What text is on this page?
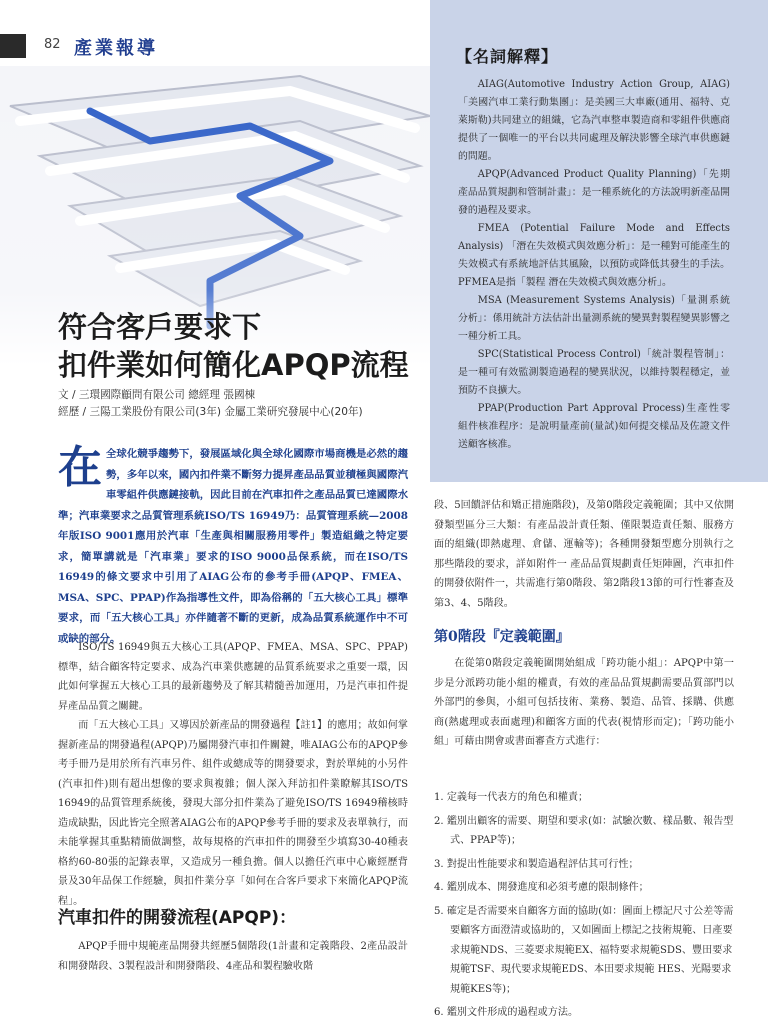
82 產業報導
符合客戶要求下
扣件業如何簡化APQP流程
文 / 三環國際顧問有限公司 總經理 張國棟
經歷 / 三陽工業股份有限公司(3年) 金屬工業研究發展中心(20年)
在 全球化競爭趨勢下，發展區域化與全球化國際市場商機是必然的趨勢，多年以來，國內扣件業不斷努力提昇產品品質並積極與國際汽車零組件供應鏈接軌，因此目前在汽車扣件之產品品質已達國際水準；汽車業要求之品質管理系統ISO/TS 16949乃：品質管理系統—2008年版ISO 9001應用於汽車「生產與相關服務用零件」製造組織之特定要求，簡單講就是「汽車業」要求的ISO 9000品保系統，而在ISO/TS 16949的條文要求中引用了AIAG公布的參考手冊(APQP、FMEA、MSA、SPC、PPAP)作為指導性文件，即為俗稱的「五大核心工具」標準要求，而「五大核心工具」亦伴隨著不斷的更新，成為品質系統運作中不可或缺的部分。
ISO/TS 16949與五大核心工具(APQP、FMEA、MSA、SPC、PPAP)標準，結合顧客特定要求、成為汽車業供應鏈的品質系統要求之重要一環，因此如何掌握五大核心工具的最新趨勢及了解其精髓善加運用，乃是汽車扣件提昇產品品質之關鍵。
而「五大核心工具」又導因於新產品的開發過程【註1】的應用；故如何掌握新產品的開發過程(APQP)乃屬開發汽車扣件關鍵，唯AIAG公布的APQP參考手冊乃是用於所有汽車另件、組件或總成等的開發要求，對於單純的小另件(汽車扣件)則有超出想像的要求與複雜；個人深入拜訪扣件業瞭解其ISO/TS 16949的品質管理系統後，發現大部分扣件業為了避免ISO/TS 16949稽核時造成缺點，因此皆完全照著AIAG公布的APQP參考手冊的要求及表單執行，而未能掌握其重點精簡做調整，故每規格的汽車扣件的開發至少填寫30-40種表格約60-80張的記錄表單，又造成另一種負擔。個人以擔任汽車中心廠經歷背景及30年品保工作經驗，與扣件業分享「如何在合客戶要求下來簡化APQP流程」。
汽車扣件的開發流程(APQP)：
APQP手冊中規範產品開發共經歷5個階段(1計畫和定義階段、2產品設計和開發階段、3製程設計和開發階段、4產品和製程驗收階
【名詞解釋】

AIAG(Automotive Industry Action Group, AIAG)「美國汽車工業行動集團」：是美國三大車廠(通用、福特、克萊斯勒)共同建立的組織，它為汽車整車製造商和零組件供應商提供了一個唯一的平台以共同處理及解決影響全球汽車供應鏈的問題。

APQP(Advanced Product Quality Planning)「先期產品品質規劃和管制計畫」：是一種系統化的方法說明新產品開發的過程及要求。

FMEA (Potential Failure Mode and Effects Analysis) 「潛在失效模式與效應分析」：是一種對可能產生的失效模式有系統地評估其風險，以預防或降低其發生的手法。PFMEA是指「製程 潛在失效模式與效應分析」。

MSA (Measurement Systems Analysis)「量測系統分析」：係用統計方法估計出量測系統的變異對製程變異影響之一種分析工具。

SPC(Statistical Process Control)「統計製程管制」：是一種可有效監測製造過程的變異狀況，以維持製程穩定，並預防不良擴大。

PPAP(Production Part Approval Process)生產性零組件核准程序：是說明量產前(量試)如何提交樣品及佐證文件送顧客核准。

段、5回饋評估和矯正措施階段)，及第0階段定義範圍；其中又依開發類型區分三大類：有產品設計責任類、僅限製造責任類、服務方面的組織(即熱處理、倉儲、運輸等)；各種開發類型應分別執行之那些階段的要求，詳如附件一 產品品質規劃責任矩陣圖，汽車扣件的開發依附件一，共需進行第0階段、第2階段13節的可行性審查及第3、4、5階段。
第0階段『定義範圍』
在從第0階段定義範圍開始組成「跨功能小組」：APQP中第一步是分派跨功能小組的權責，有效的產品品質規劃需要品質部門以外部門的參與，小組可包括技術、業務、製造、品管、採購、供應商(熱處理或表面處理)和顧客方面的代表(視情形而定)；「跨功能小組」可藉由開會或書面審查方式進行：
1. 定義每一代表方的角色和權責；
2. 鑑別出顧客的需要、期望和要求(如：試驗次數、樣品數、報告型式、PPAP等)；
3. 對提出性能要求和製造過程評估其可行性；
4. 鑑別成本、開發進度和必須考慮的限制條件；
5. 確定是否需要來自顧客方面的協助(如：圖面上標記尺寸公差等需要顧客方面澄清或協助的，又如圖面上標記之技術規範、日產要求規範NDS、三菱要求規範EX、福特要求規範SDS、豐田要求規範TSF、現代要求規範EDS、本田要求規範 HES、光陽要求規範KES等)；
6. 鑑別文件形成的過程或方法。
